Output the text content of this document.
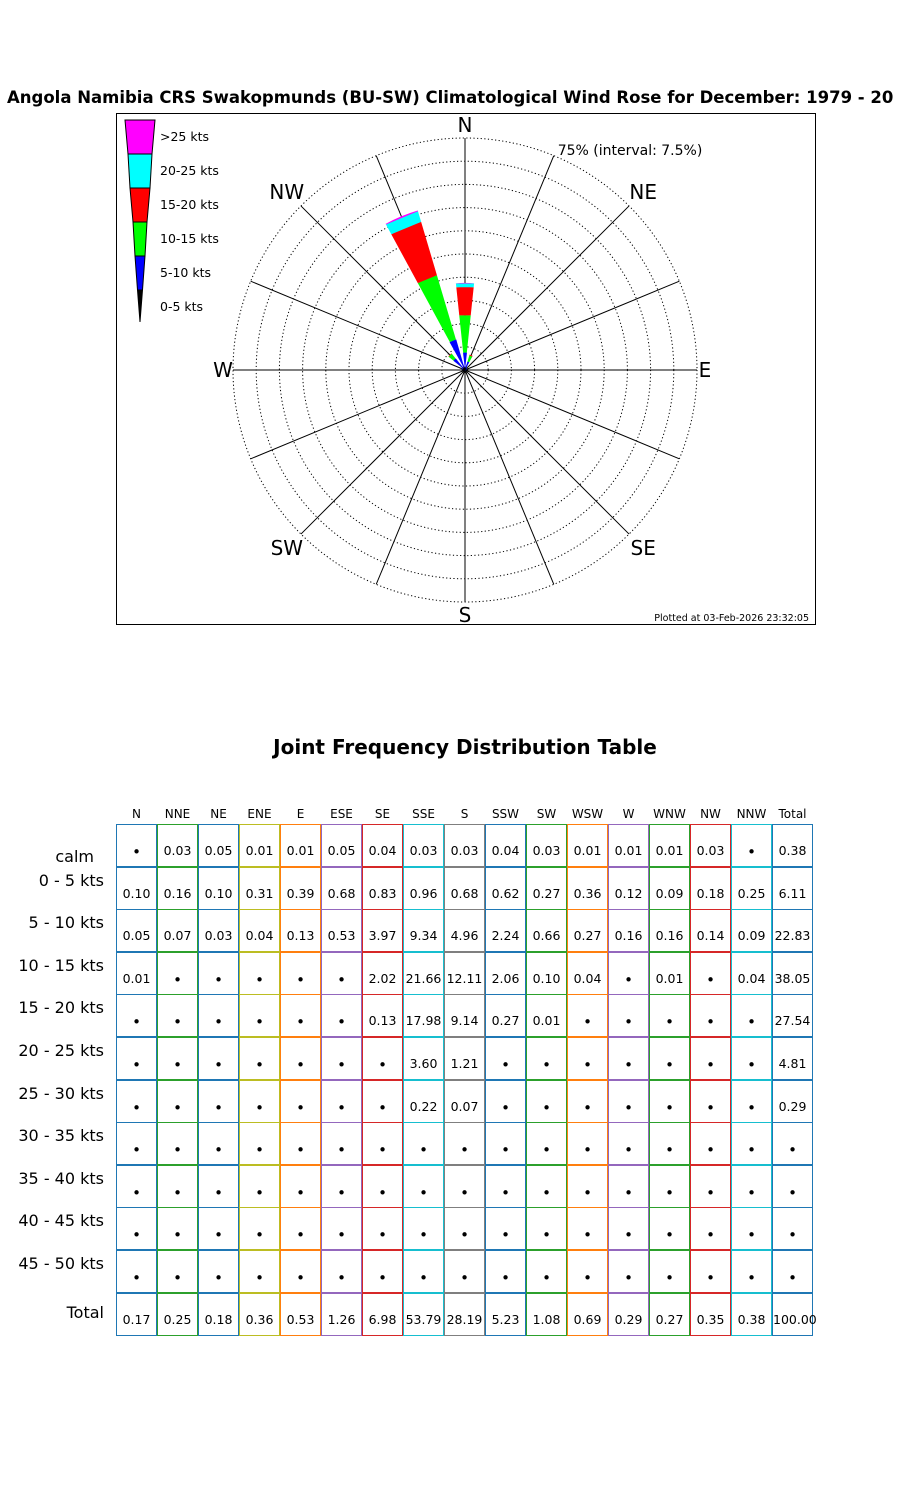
Angola Namibia CRS Swakopmunds (BU-SW) Climatological Wind Rose for December: 1979 - 20
N
NE
E
SE
S
SW
W
NW
75% (interval: 7.5%)
Plotted at 03-Feb-2026 23:32:05
>25 kts
20-25 kts
15-20 kts
10-15 kts
5-10 kts
0-5 kts
Joint Frequency Distribution Table
N	NNE	NE	ENE	E	ESE	SE	SSE	S	SSW	SW	WSW	W	WNW	NW	NNW	Total
calm	•	0.03	0.05	0.01	0.01	0.05	0.04	0.03	0.03	0.04	0.03	0.01	0.01	0.01	0.03	•	0.38
0 - 5 kts
0.10	0.16	0.10	0.31	0.39	0.68	0.83	0.96	0.68	0.62	0.27	0.36	0.12	0.09	0.18	0.25	6.11
5 - 10 kts
0.05	0.07	0.03	0.04	0.13	0.53	3.97	9.34	4.96	2.24	0.66	0.27	0.16	0.16	0.14	0.09 22.83
10 - 15 kts
0.01	•	•	•	•	•	2.02 21.66 12.11 2.06	0.10	0.04	•	0.01	•	0.04 38.05
15 - 20 kts
•	•	•	•	•	•	0.13 17.98 9.14	0.27	0.01	•	•	•	•	•	27.54
20 - 25 kts
•	•	•	•	•	•	•	3.60	1.21	•	•	•	•	•	•	•	4.81
25 - 30 kts
•	•	•	•	•	•	•	0.22	0.07	•	•	•	•	•	•	•	0.29
30 - 35 kts
•	•	•	•	•	•	•	•	•	•	•	•	•	•	•	•	•
35 - 40 kts
•	•	•	•	•	•	•	•	•	•	•	•	•	•	•	•	•
40 - 45 kts
•	•	•	•	•	•	•	•	•	•	•	•	•	•	•	•	•
45 - 50 kts
•	•	•	•	•	•	•	•	•	•	•	•	•	•	•	•	•
Total	0.17	0.25	0.18	0.36	0.53	1.26	6.98 53.79 28.19 5.23	1.08	0.69	0.29	0.27	0.35	0.38 100.00
